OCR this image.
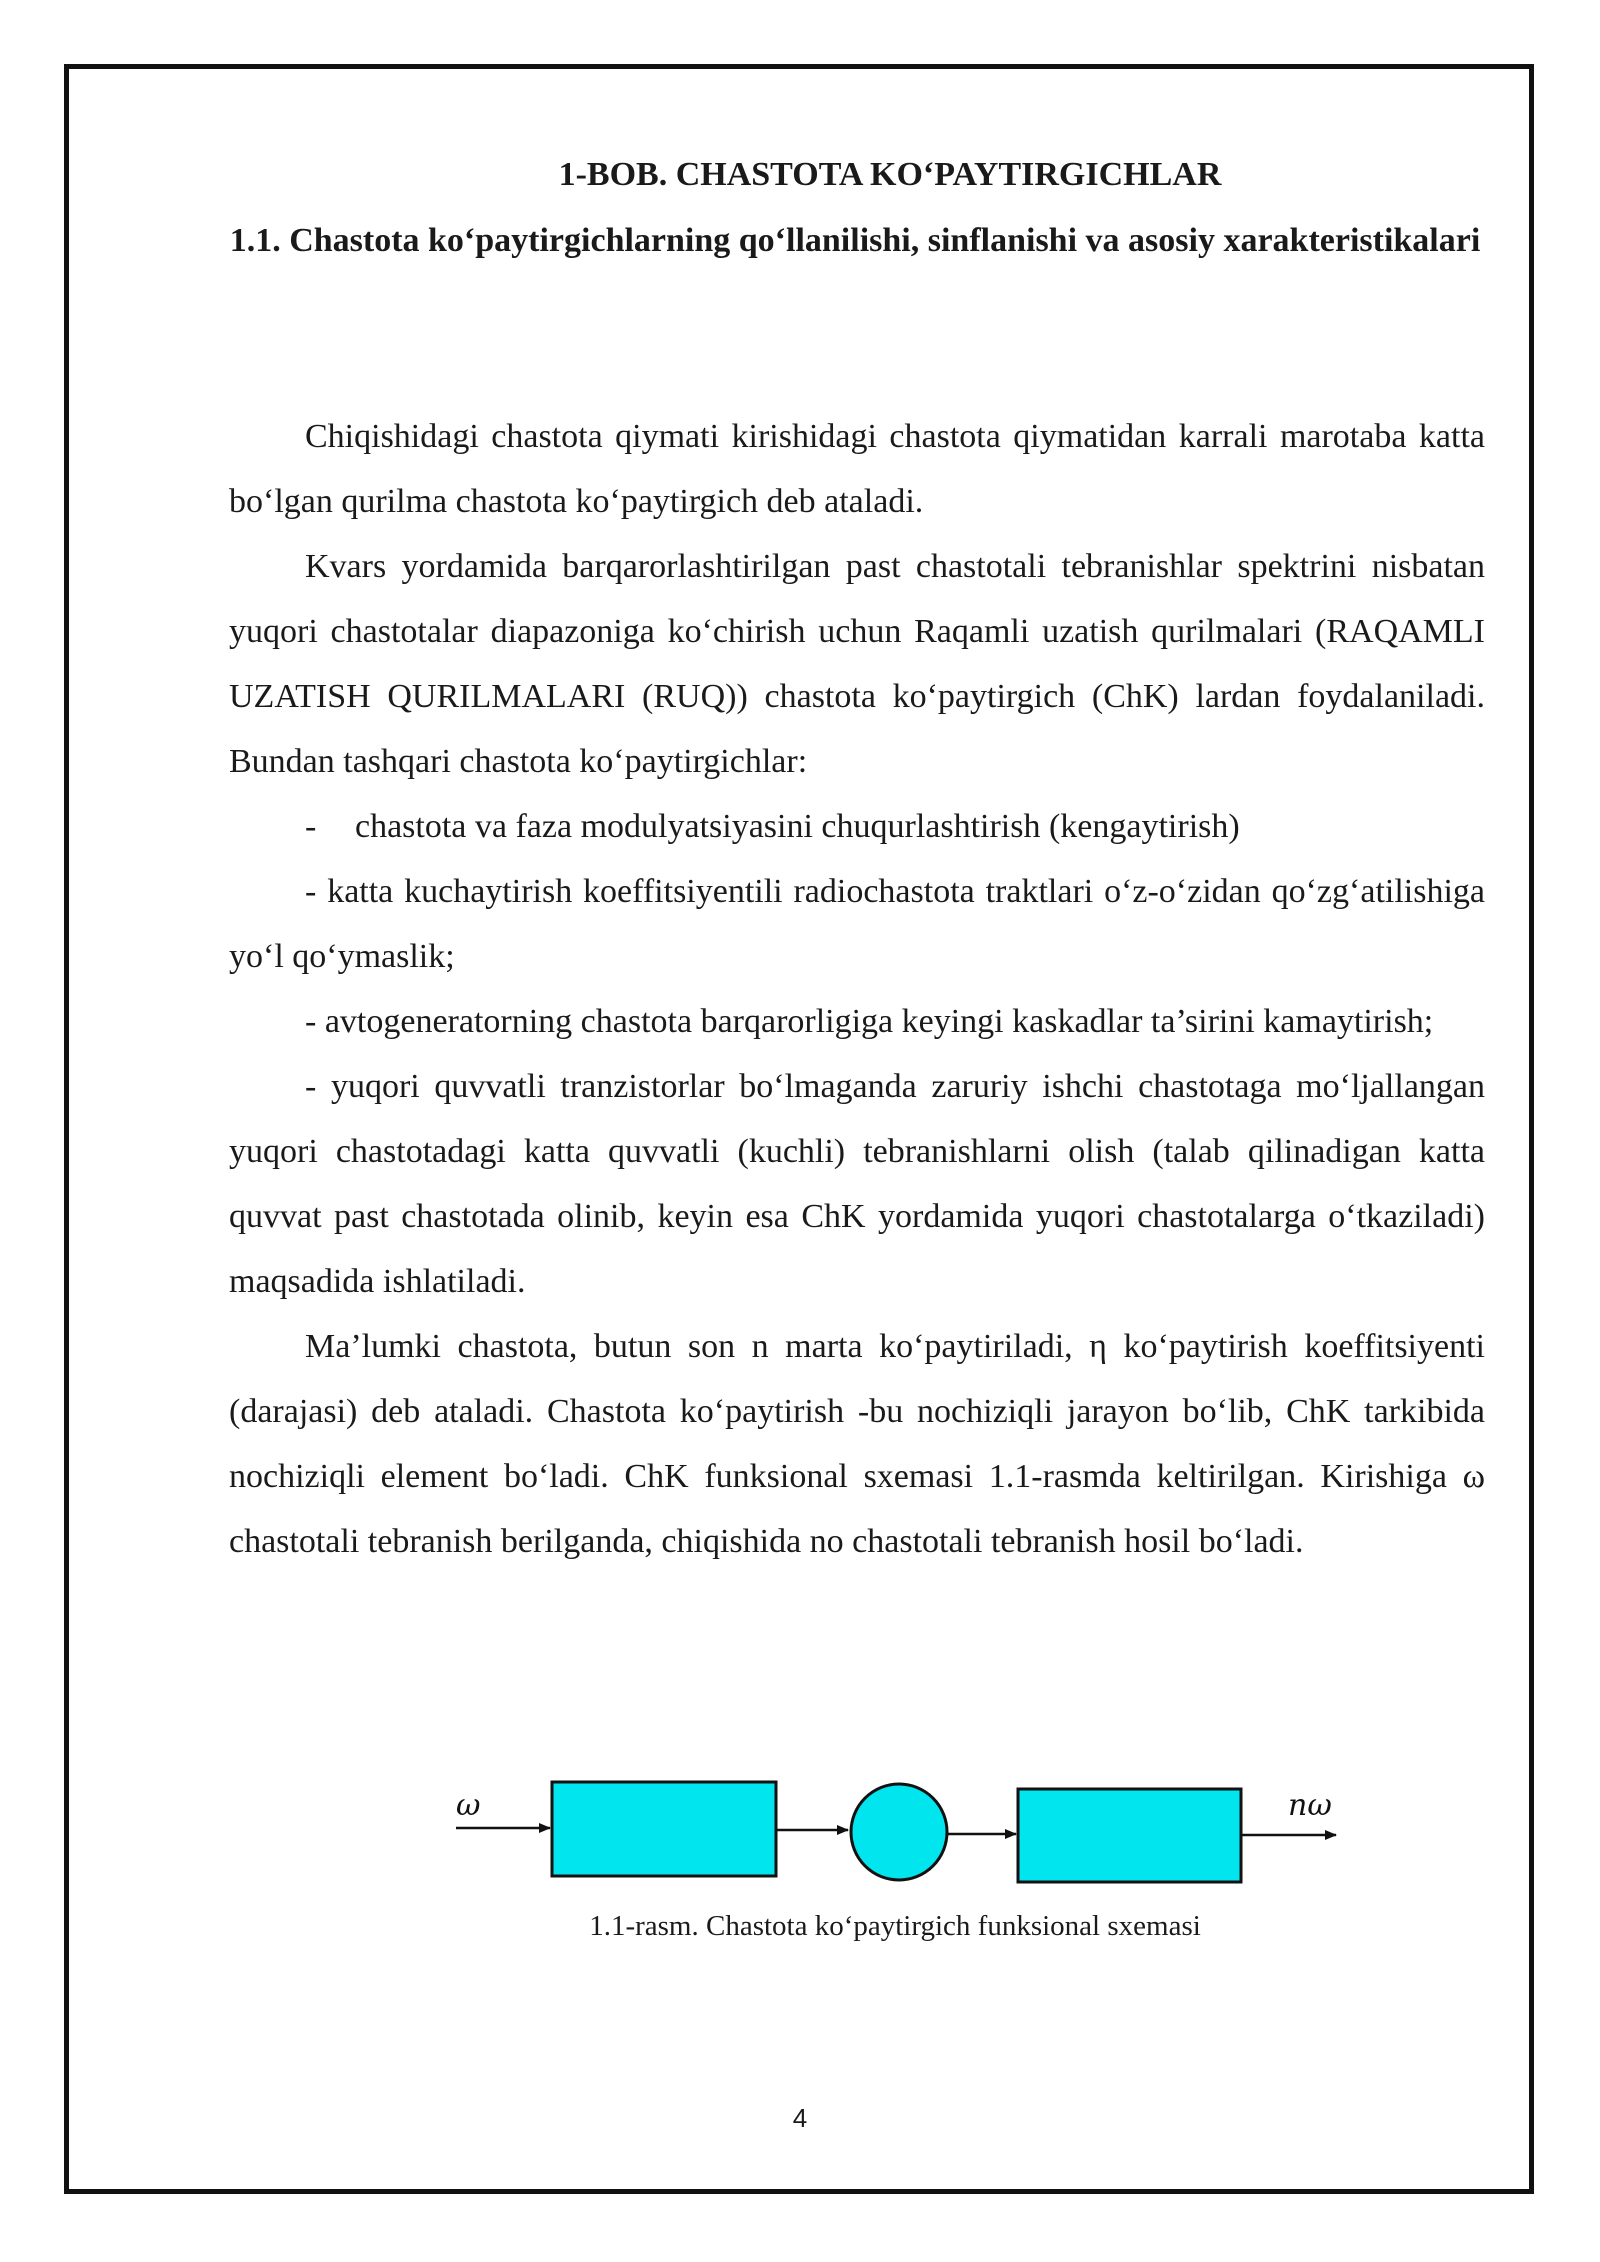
1-BOB. CHASTOTA KO‘PAYTIRGICHLAR
1.1. Chastota ko‘paytirgichlarning qo‘llanilishi, sinflanishi va asosiy xarakteristikalari

Chiqishidagi chastota qiymati kirishidagi chastota qiymatidan karrali marotaba katta bo‘lgan qurilma chastota ko‘paytirgich deb ataladi.

Kvars yordamida barqarorlashtirilgan past chastotali tebranishlar spektrini nisbatan yuqori chastotalar diapazoniga ko‘chirish uchun Raqamli uzatish qurilmalari (RAQAMLI UZATISH QURILMALARI (RUQ)) chastota ko‘paytirgich (ChK) lardan foydalaniladi. Bundan tashqari chastota ko‘paytirgichlar:

- chastota va faza modulyatsiyasini chuqurlashtirish (kengaytirish)

- katta kuchaytirish koeffitsiyentili radiochastota traktlari o‘z-o‘zidan qo‘zg‘atilishiga yo‘l qo‘ymaslik;

- avtogeneratorning chastota barqarorligiga keyingi kaskadlar ta’sirini kamaytirish;

- yuqori quvvatli tranzistorlar bo‘lmaganda zaruriy ishchi chastotaga mo‘ljallangan yuqori chastotadagi katta quvvatli (kuchli) tebranishlarni olish (talab qilinadigan katta quvvat past chastotada olinib, keyin esa ChK yordamida yuqori chastotalarga o‘tkaziladi) maqsadida ishlatiladi.

Ma’lumki chastota, butun son n marta ko‘paytiriladi, η ko‘paytirish koeffitsiyenti (darajasi) deb ataladi. Chastota ko‘paytirish -bu nochiziqli jarayon bo‘lib, ChK tarkibida nochiziqli element bo‘ladi. ChK funksional sxemasi 1.1-rasmda keltirilgan. Kirishiga ω chastotali tebranish berilganda, chiqishida no chastotali tebranish hosil bo‘ladi.

ω	nω
1.1-rasm. Chastota ko‘paytirgich funksional sxemasi
4
